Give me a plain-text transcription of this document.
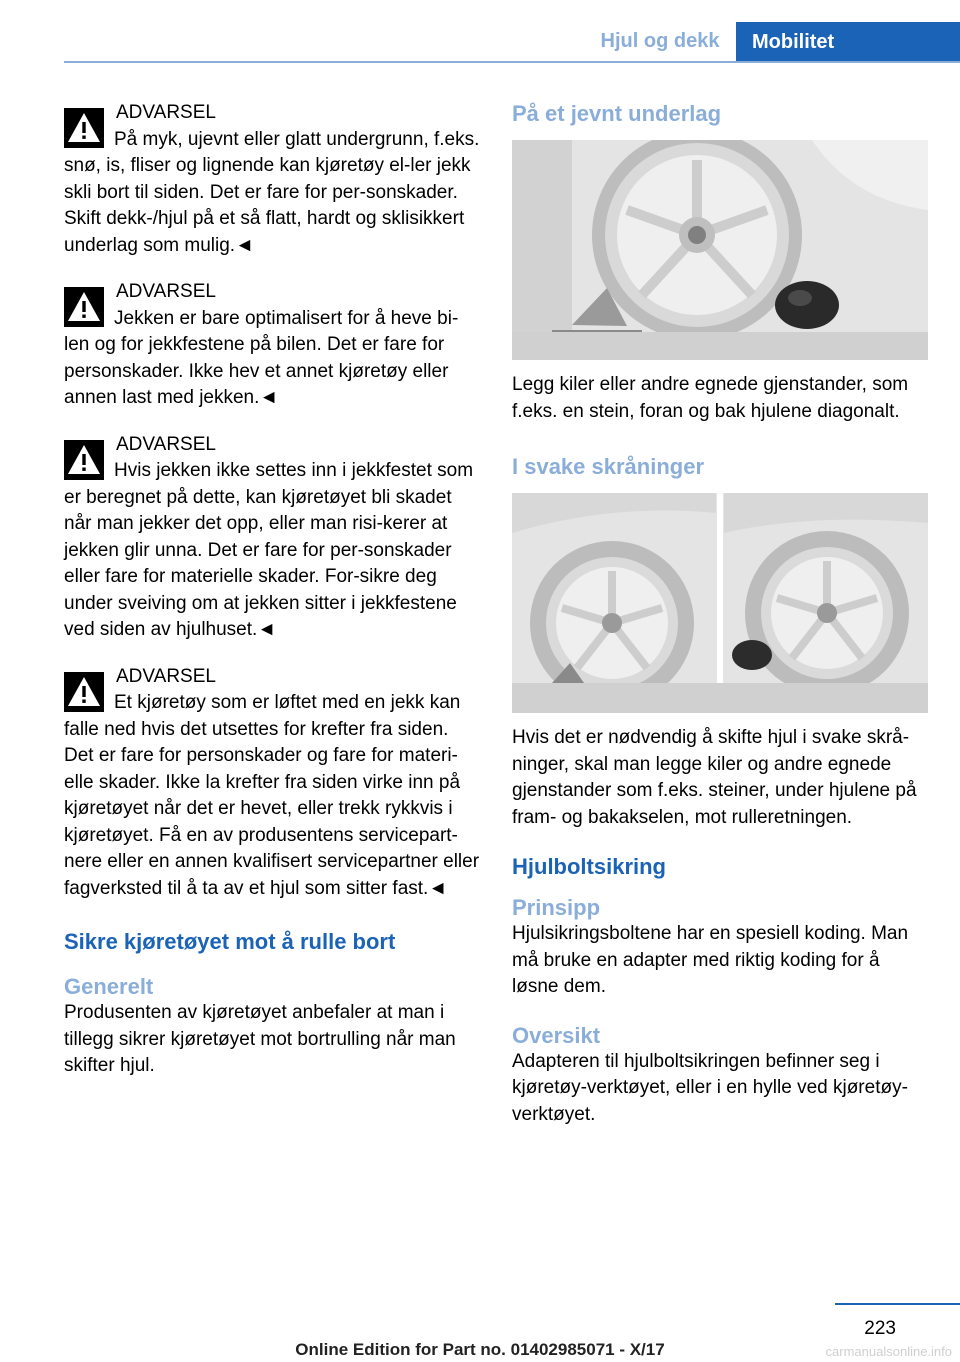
Hjul og dekk	Mobilitet
ADVARSEL
På myk, ujevnt eller glatt undergrunn, f.eks. snø, is, fliser og lignende kan kjøretøy el-ler jekk skli bort til siden. Det er fare for per-sonskader. Skift dekk-/hjul på et så flatt, hardt og sklisikkert underlag som mulig.◄
ADVARSEL
Jekken er bare optimalisert for å heve bi-len og for jekkfestene på bilen. Det er fare for personskader. Ikke hev et annet kjøretøy eller annen last med jekken.◄
ADVARSEL
Hvis jekken ikke settes inn i jekkfestet som er beregnet på dette, kan kjøretøyet bli skadet når man jekker det opp, eller man risi-kerer at jekken glir unna. Det er fare for per-sonskader eller fare for materielle skader. For-sikre deg under sveiving om at jekken sitter i jekkfestene ved siden av hjulhuset.◄
ADVARSEL
Et kjøretøy som er løftet med en jekk kan falle ned hvis det utsettes for krefter fra siden. Det er fare for personskader og fare for materi-elle skader. Ikke la krefter fra siden virke inn på kjøretøyet når det er hevet, eller trekk rykkvis i kjøretøyet. Få en av produsentens servicepart-nere eller en annen kvalifisert servicepartner eller fagverksted til å ta av et hjul som sitter fast.◄
Sikre kjøretøyet mot å rulle bort
Generelt

Produsenten av kjøretøyet anbefaler at man i tillegg sikrer kjøretøyet mot bortrulling når man skifter hjul.

På et jevnt underlag

Legg kiler eller andre egnede gjenstander, som f.eks. en stein, foran og bak hjulene diagonalt.

I svake skråninger

Hvis det er nødvendig å skifte hjul i svake skrå-ninger, skal man legge kiler og andre egnede gjenstander som f.eks. steiner, under hjulene på fram- og bakakselen, mot rulleretningen.

Hjulboltsikring
Prinsipp

Hjulsikringsboltene har en spesiell koding. Man må bruke en adapter med riktig koding for å løsne dem.

Oversikt

Adapteren til hjulboltsikringen befinner seg i kjøretøy-verktøyet, eller i en hylle ved kjøretøy-verktøyet.

223
Online Edition for Part no. 01402985071 - X/17	carmanualsonline.info
